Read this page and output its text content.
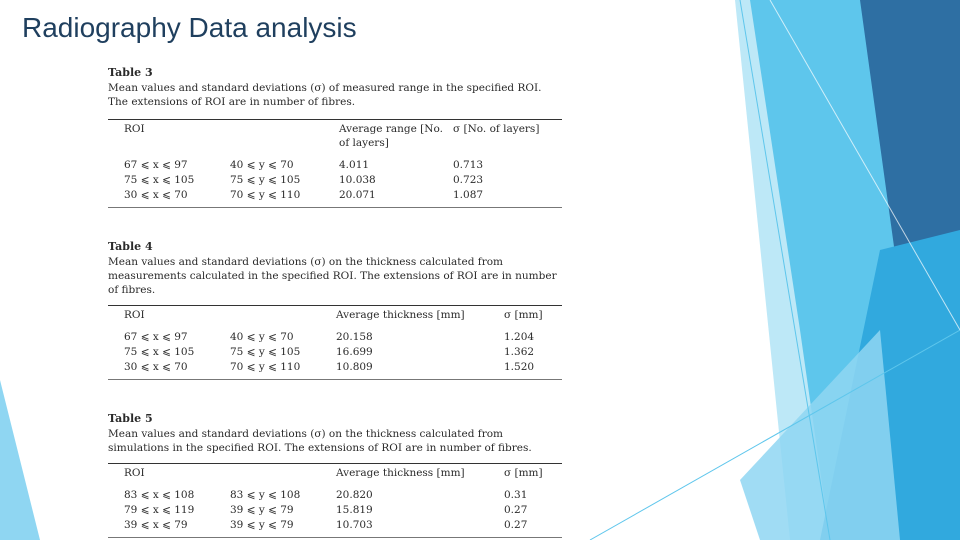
Radiography Data analysis
Table 3
Mean values and standard deviations (σ) of measured range in the specified ROI. The extensions of ROI are in number of fibres.
ROI		Average range [No. of layers]	σ [No. of layers]
67 ⩽ x ⩽ 97	40 ⩽ y ⩽ 70	4.011	0.713
75 ⩽ x ⩽ 105	75 ⩽ y ⩽ 105	10.038	0.723
30 ⩽ x ⩽ 70	70 ⩽ y ⩽ 110	20.071	1.087
Table 4
Mean values and standard deviations (σ) on the thickness calculated from measurements calculated in the specified ROI. The extensions of ROI are in number of fibres.
ROI		Average thickness [mm]	σ [mm]
67 ⩽ x ⩽ 97	40 ⩽ y ⩽ 70	20.158	1.204
75 ⩽ x ⩽ 105	75 ⩽ y ⩽ 105	16.699	1.362
30 ⩽ x ⩽ 70	70 ⩽ y ⩽ 110	10.809	1.520
Table 5
Mean values and standard deviations (σ) on the thickness calculated from simulations in the specified ROI. The extensions of ROI are in number of fibres.
ROI		Average thickness [mm]	σ [mm]
83 ⩽ x ⩽ 108	83 ⩽ y ⩽ 108	20.820	0.31
79 ⩽ x ⩽ 119	39 ⩽ y ⩽ 79	15.819	0.27
39 ⩽ x ⩽ 79	39 ⩽ y ⩽ 79	10.703	0.27
